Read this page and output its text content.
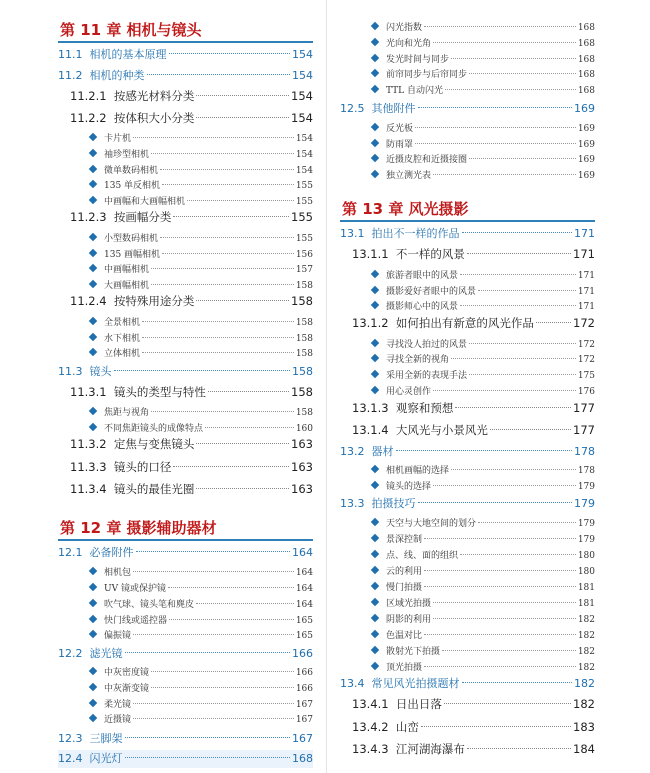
第 11 章 相机与镜头
11.1 相机的基本原理	154
11.2 相机的种类	154
11.2.1 按感光材料分类	154
11.2.2 按体积大小分类	154
卡片机	154
袖珍型相机	154
微单数码相机	154
135 单反相机	155
中画幅和大画幅相机	155
11.2.3 按画幅分类	155
小型数码相机	155
135 画幅相机	156
中画幅相机	157
大画幅相机	158
11.2.4 按特殊用途分类	158
全景相机	158
水下相机	158
立体相机	158
11.3 镜头	158
11.3.1 镜头的类型与特性	158
焦距与视角	158
不同焦距镜头的成像特点	160
11.3.2 定焦与变焦镜头	163
11.3.3 镜头的口径	163
11.3.4 镜头的最佳光圈	163
第 12 章 摄影辅助器材
12.1 必备附件	164
相机包	164
UV 镜或保护镜	164
吹气球、镜头笔和麂皮	164
快门线或遥控器	165
偏振镜	165
12.2 滤光镜	166
中灰密度镜	166
中灰渐变镜	166
柔光镜	167
近摄镜	167
12.3 三脚架	167
12.4 闪光灯	168
闪光指数	168
光向和光角	168
发光时间与同步	168
前帘同步与后帘同步	168
TTL 自动闪光	168
12.5 其他附件	169
反光板	169
防雨罩	169
近摄皮腔和近摄接圈	169
独立测光表	169
第 13 章 风光摄影
13.1 拍出不一样的作品	171
13.1.1 不一样的风景	171
旅游者眼中的风景	171
摄影爱好者眼中的风景	171
摄影师心中的风景	171
13.1.2 如何拍出有新意的风光作品	172
寻找没人拍过的风景	172
寻找全新的视角	172
采用全新的表现手法	175
用心灵创作	176
13.1.3 观察和预想	177
13.1.4 大风光与小景风光	177
13.2 器材	178
相机画幅的选择	178
镜头的选择	179
13.3 拍摄技巧	179
天空与大地空间的划分	179
景深控制	179
点、线、面的组织	180
云的利用	180
慢门拍摄	181
区域光拍摄	181
阴影的利用	182
色温对比	182
散射光下拍摄	182
顶光拍摄	182
13.4 常见风光拍摄题材	182
13.4.1 日出日落	182
13.4.2 山峦	183
13.4.3 江河湖海瀑布	184
